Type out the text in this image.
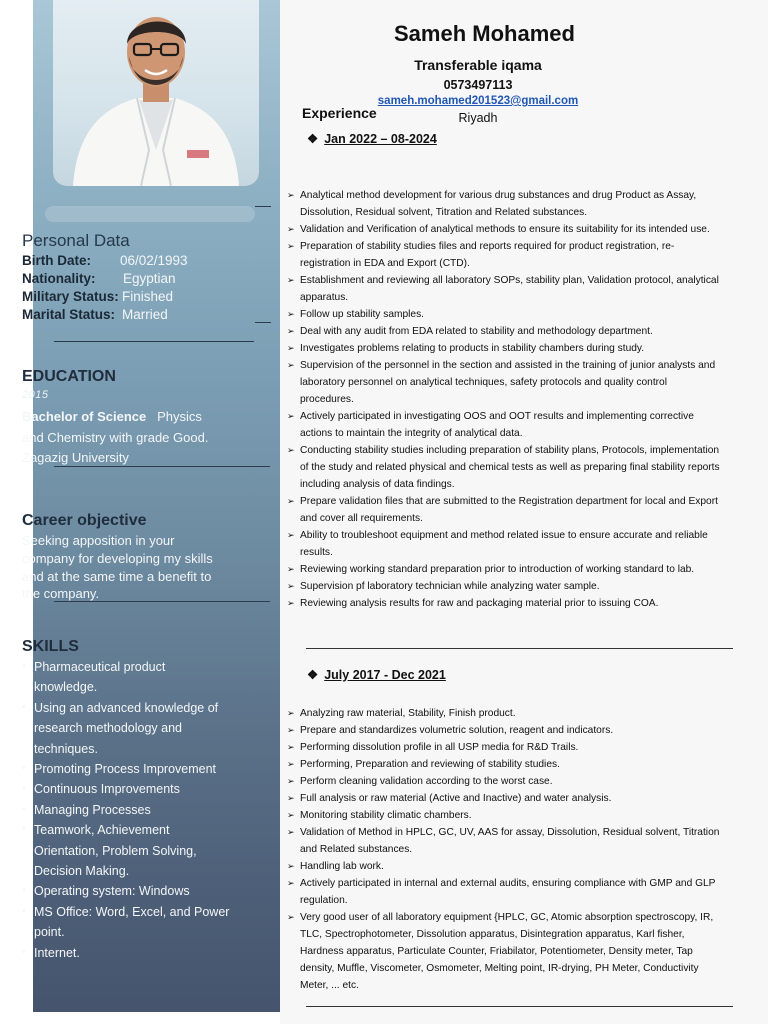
Personal Data
Birth Date: 06/02/1993
Nationality: Egyptian
Military Status: Finished
Marital Status: Married
EDUCATION
2015
Bachelor of Science Physics and Chemistry with grade Good.
Zagazig University
Career objective
Seeking apposition in your company for developing my skills and at the same time a benefit to the company.
SKILLS
▪ Pharmaceutical product knowledge.
▪ Using an advanced knowledge of research methodology and techniques.
▪ Promoting Process Improvement
▪ Continuous Improvements
▪ Managing Processes
▪ Teamwork, Achievement Orientation, Problem Solving, Decision Making.
▪ Operating system: Windows
▪ MS Office: Word, Excel, and Power point.
▪ Internet.
Sameh Mohamed
Transferable iqama
0573497113
sameh.mohamed201523@gmail.com
Riyadh
Experience
❖ Jan 2022 – 08-2024
➢ Analytical method development for various drug substances and drug Product as Assay, Dissolution, Residual solvent, Titration and Related substances.
➢ Validation and Verification of analytical methods to ensure its suitability for its intended use.
➢ Preparation of stability studies files and reports required for product registration, re-registration in EDA and Export (CTD).
➢ Establishment and reviewing all laboratory SOPs, stability plan, Validation protocol, analytical apparatus.
➢ Follow up stability samples.
➢ Deal with any audit from EDA related to stability and methodology department.
➢ Investigates problems relating to products in stability chambers during study.
➢ Supervision of the personnel in the section and assisted in the training of junior analysts and laboratory personnel on analytical techniques, safety protocols and quality control procedures.
➢ Actively participated in investigating OOS and OOT results and implementing corrective actions to maintain the integrity of analytical data.
➢ Conducting stability studies including preparation of stability plans, Protocols, implementation of the study and related physical and chemical tests as well as preparing final stability reports including analysis of data findings.
➢ Prepare validation files that are submitted to the Registration department for local and Export and cover all requirements.
➢ Ability to troubleshoot equipment and method related issue to ensure accurate and reliable results.
➢ Reviewing working standard preparation prior to introduction of working standard to lab.
➢ Supervision pf laboratory technician while analyzing water sample.
➢ Reviewing analysis results for raw and packaging material prior to issuing COA.
❖ July 2017 - Dec 2021
➢ Analyzing raw material, Stability, Finish product.
➢ Prepare and standardizes volumetric solution, reagent and indicators.
➢ Performing dissolution profile in all USP media for R&D Trails.
➢ Performing, Preparation and reviewing of stability studies.
➢ Perform cleaning validation according to the worst case.
➢ Full analysis or raw material (Active and Inactive) and water analysis.
➢ Monitoring stability climatic chambers.
➢ Validation of Method in HPLC, GC, UV, AAS for assay, Dissolution, Residual solvent, Titration and Related substances.
➢ Handling lab work.
➢ Actively participated in internal and external audits, ensuring compliance with GMP and GLP regulation.
➢ Very good user of all laboratory equipment {HPLC, GC, Atomic absorption spectroscopy, IR, TLC, Spectrophotometer, Dissolution apparatus, Disintegration apparatus, Karl fisher, Hardness apparatus, Particulate Counter, Friabilator, Potentiometer, Density meter, Tap density, Muffle, Viscometer, Osmometer, Melting point, IR-drying, PH Meter, Conductivity Meter, ... etc.
